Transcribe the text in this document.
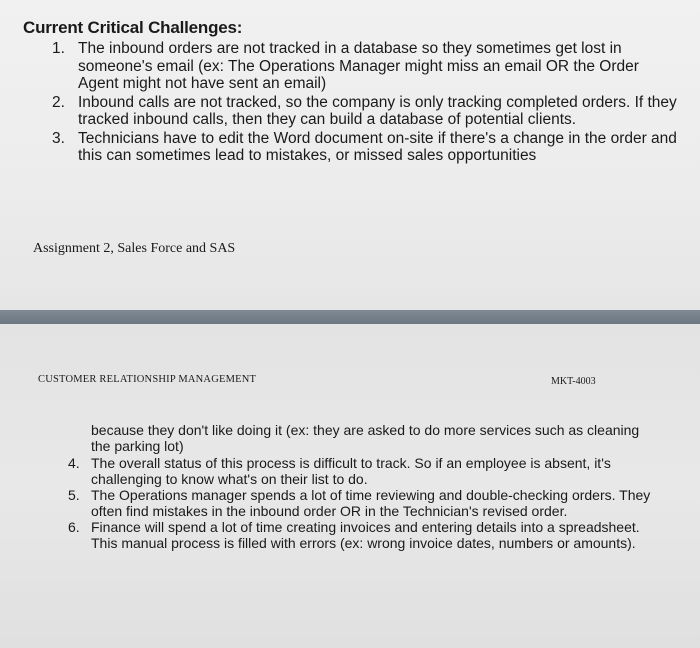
Current Critical Challenges:
1. The inbound orders are not tracked in a database so they sometimes get lost in someone's email (ex: The Operations Manager might miss an email OR the Order Agent might not have sent an email)
2. Inbound calls are not tracked, so the company is only tracking completed orders. If they tracked inbound calls, then they can build a database of potential clients.
3. Technicians have to edit the Word document on-site if there's a change in the order and this can sometimes lead to mistakes, or missed sales opportunities
Assignment 2, Sales Force and SAS
CUSTOMER RELATIONSHIP MANAGEMENT	MKT-4003
because they don't like doing it (ex: they are asked to do more services such as cleaning the parking lot)
4. The overall status of this process is difficult to track. So if an employee is absent, it's challenging to know what's on their list to do.
5. The Operations manager spends a lot of time reviewing and double-checking orders. They often find mistakes in the inbound order OR in the Technician's revised order.
6. Finance will spend a lot of time creating invoices and entering details into a spreadsheet. This manual process is filled with errors (ex: wrong invoice dates, numbers or amounts).
